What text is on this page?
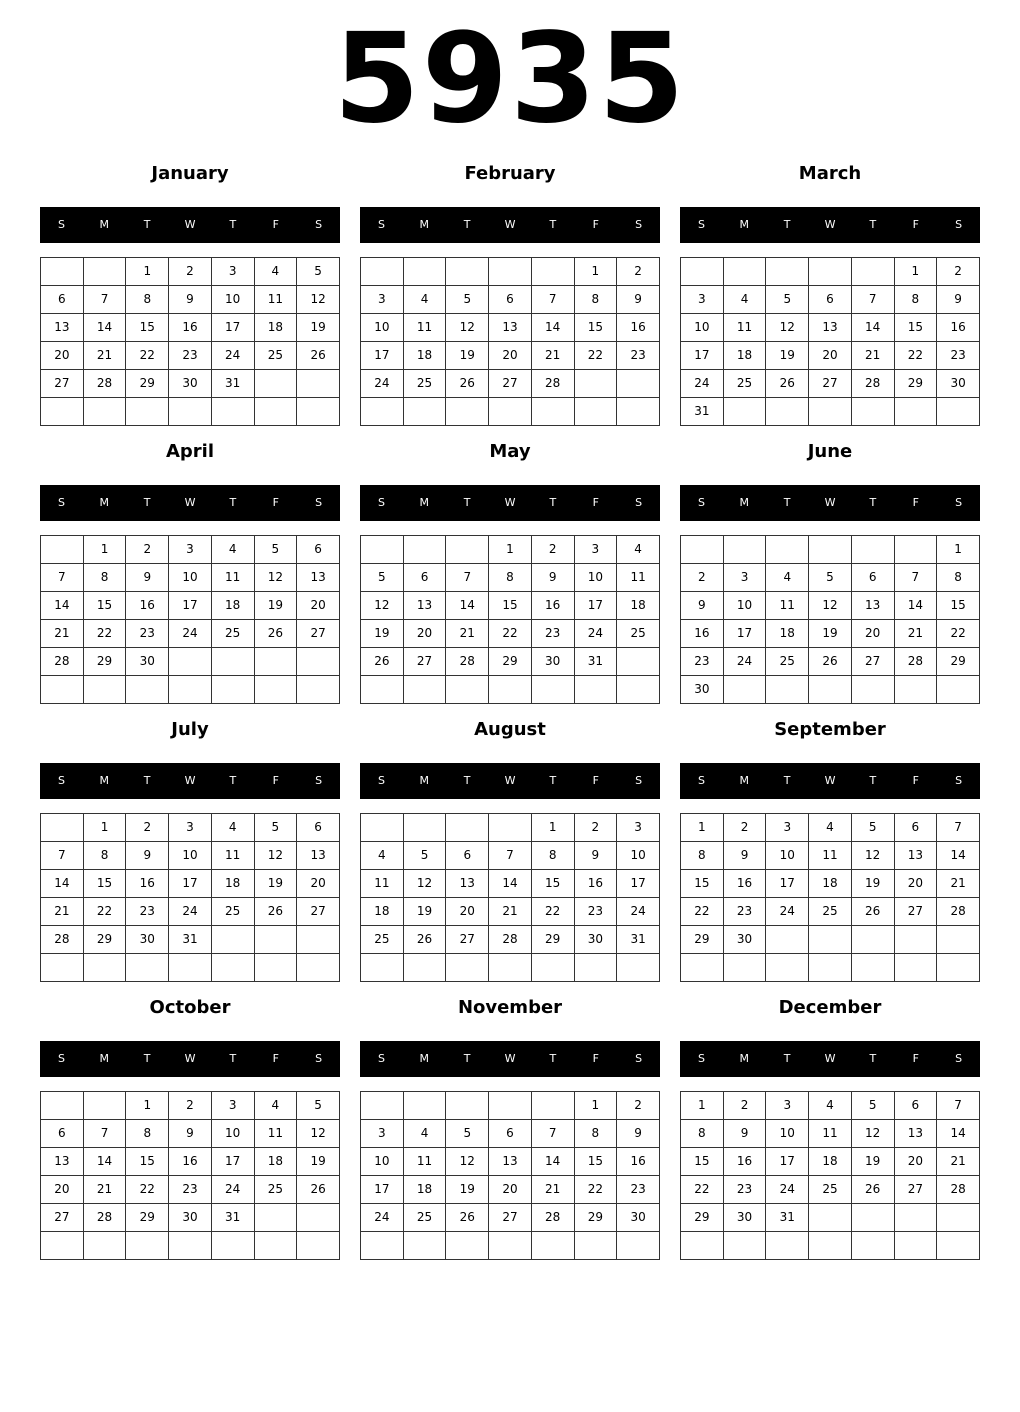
5935
January
S	M	T	W	T	F	S
		1	2	3	4	5
6	7	8	9	10	11	12
13	14	15	16	17	18	19
20	21	22	23	24	25	26
27	28	29	30	31		

February
S	M	T	W	T	F	S
					1	2
3	4	5	6	7	8	9
10	11	12	13	14	15	16
17	18	19	20	21	22	23
24	25	26	27	28		

March
S	M	T	W	T	F	S
					1	2
3	4	5	6	7	8	9
10	11	12	13	14	15	16
17	18	19	20	21	22	23
24	25	26	27	28	29	30
31						
April
S	M	T	W	T	F	S
	1	2	3	4	5	6
7	8	9	10	11	12	13
14	15	16	17	18	19	20
21	22	23	24	25	26	27
28	29	30				

May
S	M	T	W	T	F	S
			1	2	3	4
5	6	7	8	9	10	11
12	13	14	15	16	17	18
19	20	21	22	23	24	25
26	27	28	29	30	31	

June
S	M	T	W	T	F	S
						1
2	3	4	5	6	7	8
9	10	11	12	13	14	15
16	17	18	19	20	21	22
23	24	25	26	27	28	29
30						
July
S	M	T	W	T	F	S
	1	2	3	4	5	6
7	8	9	10	11	12	13
14	15	16	17	18	19	20
21	22	23	24	25	26	27
28	29	30	31			

August
S	M	T	W	T	F	S
				1	2	3
4	5	6	7	8	9	10
11	12	13	14	15	16	17
18	19	20	21	22	23	24
25	26	27	28	29	30	31

September
S	M	T	W	T	F	S
1	2	3	4	5	6	7
8	9	10	11	12	13	14
15	16	17	18	19	20	21
22	23	24	25	26	27	28
29	30					

October
S	M	T	W	T	F	S
		1	2	3	4	5
6	7	8	9	10	11	12
13	14	15	16	17	18	19
20	21	22	23	24	25	26
27	28	29	30	31		

November
S	M	T	W	T	F	S
					1	2
3	4	5	6	7	8	9
10	11	12	13	14	15	16
17	18	19	20	21	22	23
24	25	26	27	28	29	30

December
S	M	T	W	T	F	S
1	2	3	4	5	6	7
8	9	10	11	12	13	14
15	16	17	18	19	20	21
22	23	24	25	26	27	28
29	30	31				
